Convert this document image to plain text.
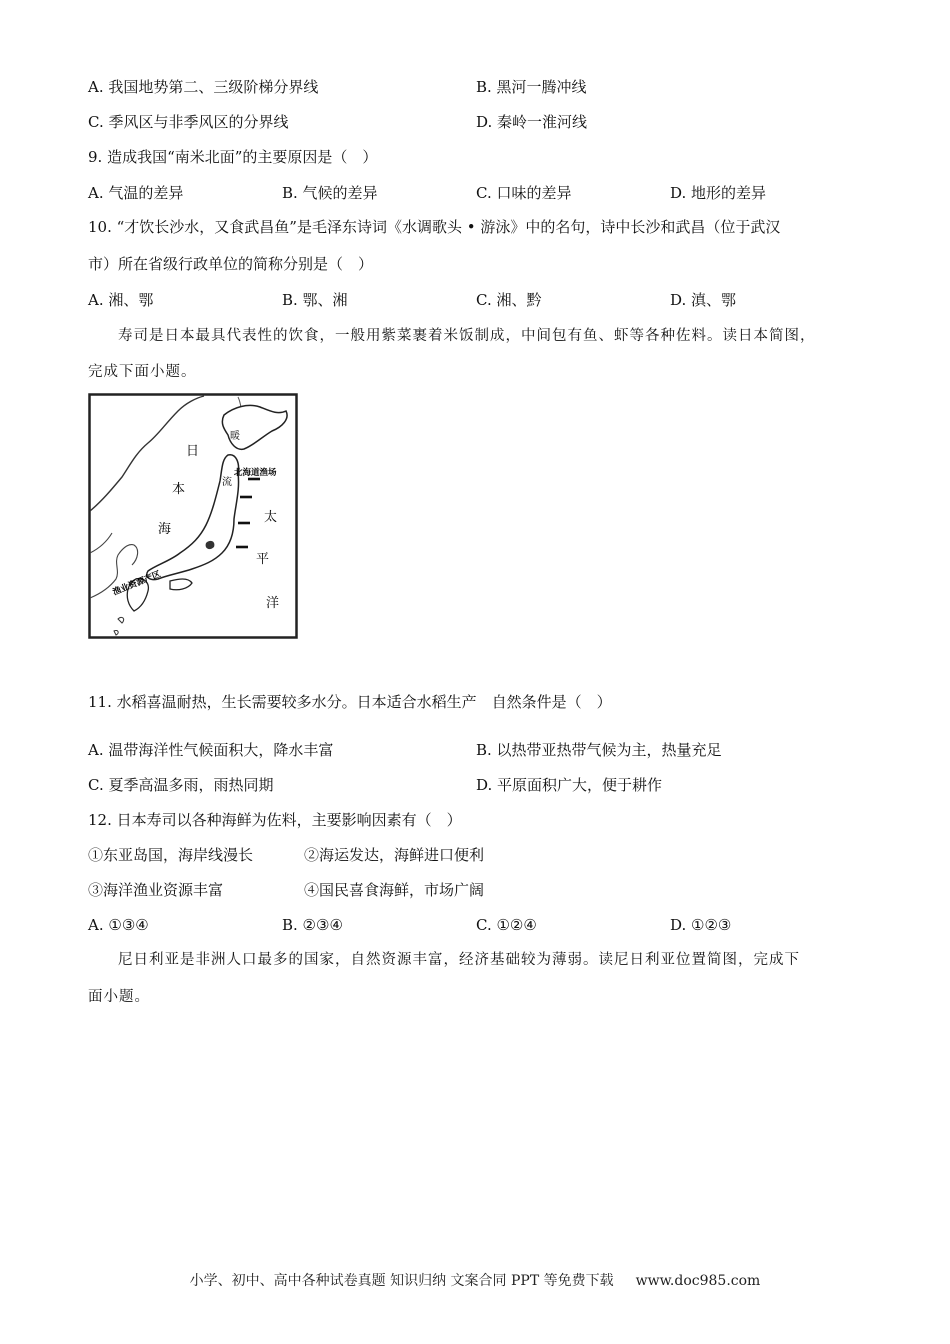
A. 我国地势第二、三级阶梯分界线	B. 黑河一腾冲线
C. 季风区与非季风区的分界线	D. 秦岭一淮河线
9. 造成我国“南米北面”的主要原因是（　）
A. 气温的差异	B. 气候的差异	C. 口味的差异	D. 地形的差异
10. “才饮长沙水，又食武昌鱼”是毛泽东诗词《水调歌头 • 游泳》中的名句，诗中长沙和武昌（位于武汉
市）所在省级行政单位的简称分别是（　）
A. 湘、鄂	B. 鄂、湘	C. 湘、黔	D. 滇、鄂
寿司是日本最具代表性的饮食，一般用紫菜裹着米饭制成，中间包有鱼、虾等各种佐料。读日本简图，
完成下面小题。
日
本
海
太
平
洋
暖
流
北海道渔场
渔业资源产区
11. 水稻喜温耐热，生长需要较多水分。日本适合水稻生产　自然条件是（　）
A. 温带海洋性气候面积大，降水丰富	B. 以热带亚热带气候为主，热量充足
C. 夏季高温多雨，雨热同期	D. 平原面积广大，便于耕作
12. 日本寿司以各种海鲜为佐料，主要影响因素有（　）
①东亚岛国，海岸线漫长	②海运发达，海鲜进口便利
③海洋渔业资源丰富	④国民喜食海鲜，市场广阔
A. ①③④	B. ②③④	C. ①②④	D. ①②③
尼日利亚是非洲人口最多的国家，自然资源丰富，经济基础较为薄弱。读尼日利亚位置简图，完成下
面小题。
小学、初中、高中各种试卷真题 知识归纳 文案合同 PPT 等免费下载 www.doc985.com
